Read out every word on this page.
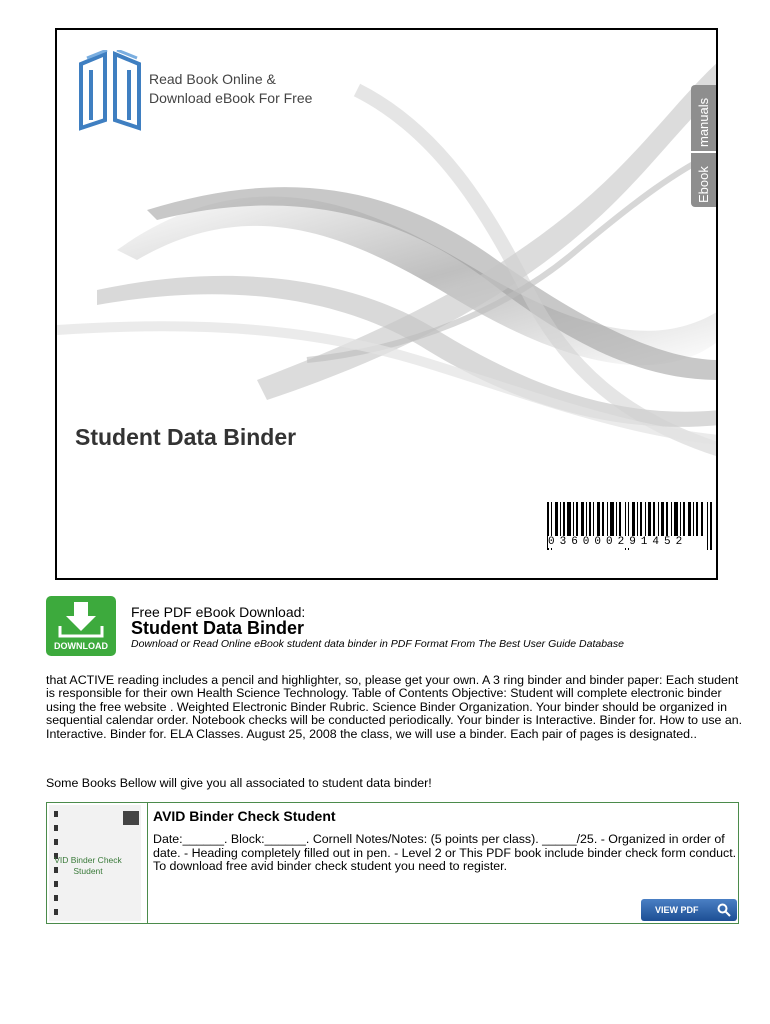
Read Book Online &
Download eBook For Free	manuals
Ebook
Student Data Binder
036000291452
DOWNLOAD
Free PDF eBook Download:
Student Data Binder
Download or Read Online eBook student data binder in PDF Format From The Best User Guide Database
that ACTIVE reading includes a pencil and highlighter, so, please get your own. A 3 ring binder and binder paper: Each student is responsible for their own Health Science Technology. Table of Contents Objective: Student will complete electronic binder using the free website . Weighted Electronic Binder Rubric. Science Binder Organization. Your binder should be organized in sequential calendar order. Notebook checks will be conducted periodically. Your binder is Interactive. Binder for. How to use an. Interactive. Binder for. ELA Classes. August 25, 2008 the class, we will use a binder. Each pair of pages is designated..
Some Books Bellow will give you all associated to student data binder!
VID Binder Check Student
AVID Binder Check Student
Date:______. Block:______. Cornell Notes/Notes: (5 points per class). _____/25. - Organized in order of date. - Heading completely filled out in pen. - Level 2 or This PDF book include binder check form conduct. To download free avid binder check student you need to register.
VIEW PDF
